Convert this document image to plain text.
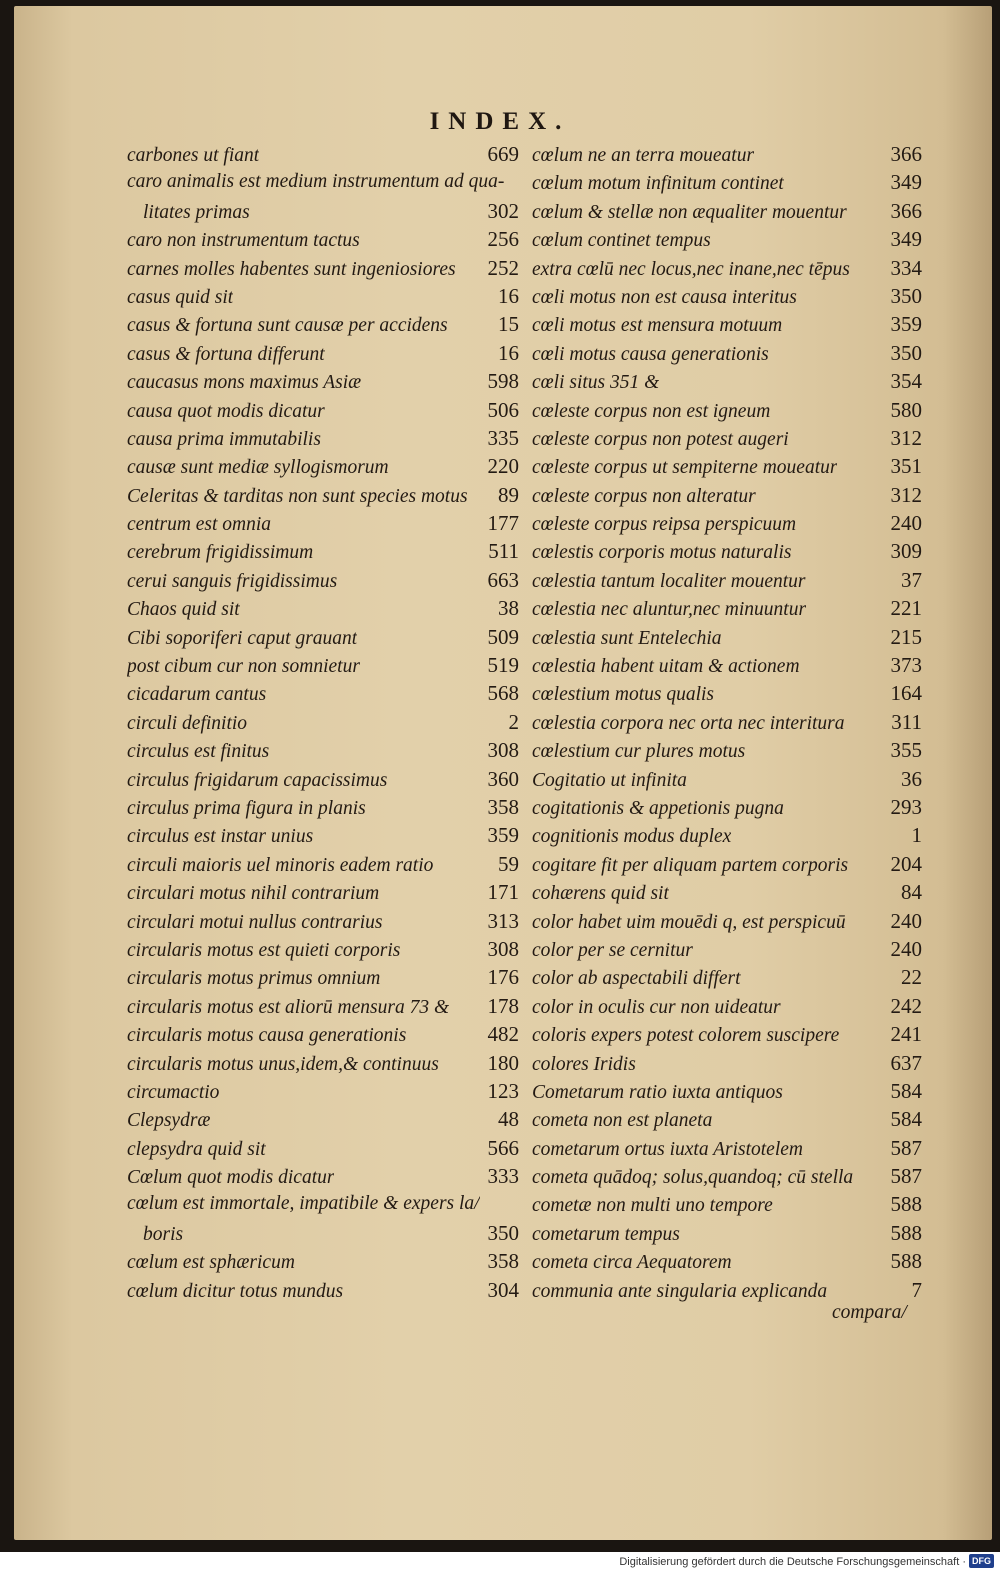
INDEX.
carbones ut fiant	669
caro animalis est medium instrumentum ad qua-
litates primas	302
caro non instrumentum tactus	256
carnes molles habentes sunt ingeniosiores 252
casus quid sit	16
casus & fortuna sunt causæ per accidens 15
casus & fortuna differunt	16
caucasus mons maximus Asiæ	598
causa quot modis dicatur	506
causa prima immutabilis	335
causæ sunt mediæ syllogismorum	220
Celeritas & tarditas non sunt species motus 89
centrum est omnia	177
cerebrum frigidissimum	511
cerui sanguis frigidissimus	663
Chaos quid sit	38
Cibi soporiferi caput grauant	509
post cibum cur non somnietur	519
cicadarum cantus	568
circuli definitio	2
circulus est finitus	308
circulus frigidarum capacissimus	360
circulus prima figura in planis	358
circulus est instar unius	359
circuli maioris uel minoris eadem ratio	59
circulari motus nihil contrarium	171
circulari motui nullus contrarius	313
circularis motus est quieti corporis	308
circularis motus primus omnium	176
circularis motus est aliorū mensura 73 & 178
circularis motus causa generationis	482
circularis motus unus,idem,& continuus 180
circumactio	123
Clepsydræ	48
clepsydra quid sit	566
Cœlum quot modis dicatur	333
cœlum est immortale, impatibile & expers la/
boris	350
cœlum est sphæricum	358
cœlum dicitur totus mundus	304
cœlum ne an terra moueatur	366
cœlum motum infinitum continet	349
cœlum & stellæ non æqualiter mouentur 366
cœlum continet tempus	349
extra cœlū nec locus,nec inane,nec tēpus 334
cœli motus non est causa interitus	350
cœli motus est mensura motuum	359
cœli motus causa generationis	350
cœli situs 351 &	354
cœleste corpus non est igneum	580
cœleste corpus non potest augeri	312
cœleste corpus ut sempiterne moueatur	351
cœleste corpus non alteratur	312
cœleste corpus reipsa perspicuum	240
cœlestis corporis motus naturalis	309
cœlestia tantum localiter mouentur	37
cœlestia nec aluntur,nec minuuntur	221
cœlestia sunt Entelechia	215
cœlestia habent uitam & actionem	373
cœlestium motus qualis	164
cœlestia corpora nec orta nec interitura 311
cœlestium cur plures motus	355
Cogitatio ut infinita	36
cogitationis & appetionis pugna	293
cognitionis modus duplex	1
cogitare fit per aliquam partem corporis 204
cohærens quid sit	84
color habet uim mouēdi q, est perspicuū 240
color per se cernitur	240
color ab aspectabili differt	22
color in oculis cur non uideatur	242
coloris expers potest colorem suscipere 241
colores Iridis	637
Cometarum ratio iuxta antiquos	584
cometa non est planeta	584
cometarum ortus iuxta Aristotelem	587
cometa quādoq; solus,quandoq; cū stella 587
cometæ non multi uno tempore	588
cometarum tempus	588
cometa circa Aequatorem	588
communia ante singularia explicanda	7
compara/
Digitalisierung gefördert durch die Deutsche Forschungsgemeinschaft · DFG
